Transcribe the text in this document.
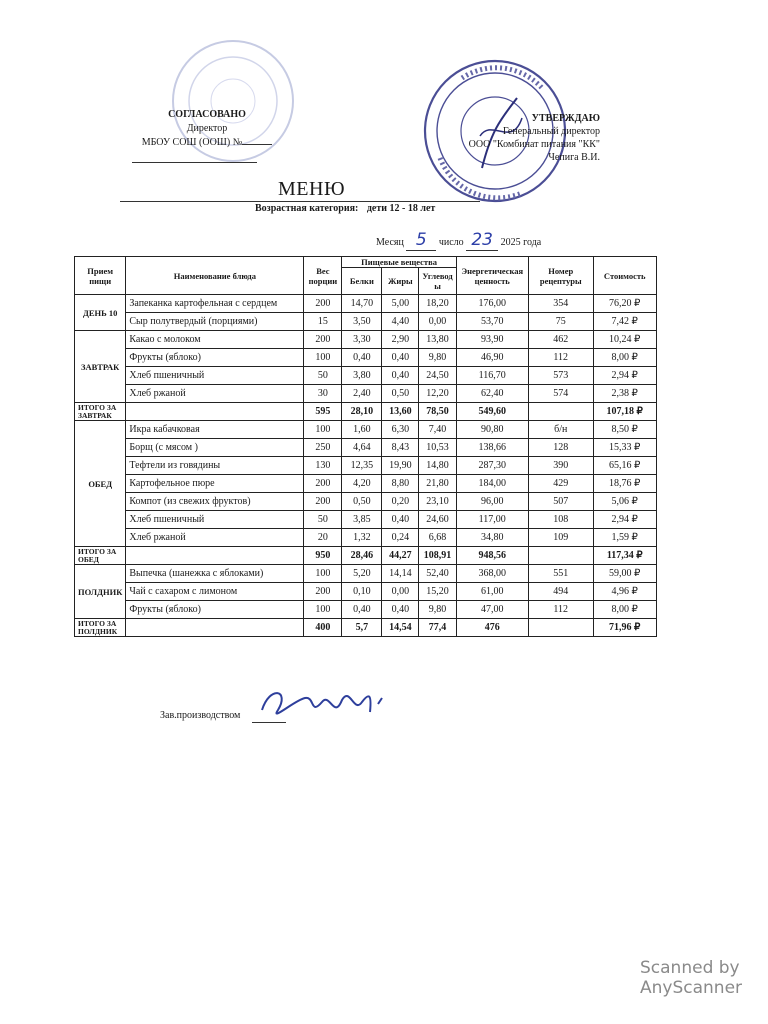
СОГЛАСОВАНО
Директор
МБОУ СОШ (ООШ) №
УТВЕРЖДАЮ
Генеральный директор
ООО "Комбинат питания "КК"
Чепига В.И.
МЕНЮ
Возрастная категория: дети 12 - 18 лет
Месяц 5 число 23 2025 года
Прием пищи	Наименование блюда	Вес порции	Пищевые вещества			Энергетическая ценность	Номер рецептуры	Стоимость
			Белки	Жиры	Углевод ы			
ДЕНЬ 10	Запеканка картофельная с сердцем	200	14,70	5,00	18,20	176,00	354	76,20 ₽
	Сыр полутвердый (порциями)	15	3,50	4,40	0,00	53,70	75	7,42 ₽
ЗАВТРАК	Какао с молоком	200	3,30	2,90	13,80	93,90	462	10,24 ₽
	Фрукты (яблоко)	100	0,40	0,40	9,80	46,90	112	8,00 ₽
	Хлеб пшеничный	50	3,80	0,40	24,50	116,70	573	2,94 ₽
	Хлеб ржаной	30	2,40	0,50	12,20	62,40	574	2,38 ₽
ИТОГО ЗА ЗАВТРАК		595	28,10	13,60	78,50	549,60		107,18 ₽
ОБЕД	Икра кабачковая	100	1,60	6,30	7,40	90,80	б/н	8,50 ₽
	Борщ (с мясом )	250	4,64	8,43	10,53	138,66	128	15,33 ₽
	Тефтели из говядины	130	12,35	19,90	14,80	287,30	390	65,16 ₽
	Картофельное пюре	200	4,20	8,80	21,80	184,00	429	18,76 ₽
	Компот (из свежих фруктов)	200	0,50	0,20	23,10	96,00	507	5,06 ₽
	Хлеб пшеничный	50	3,85	0,40	24,60	117,00	108	2,94 ₽
	Хлеб ржаной	20	1,32	0,24	6,68	34,80	109	1,59 ₽
ИТОГО ЗА ОБЕД		950	28,46	44,27	108,91	948,56		117,34 ₽
ПОЛДНИК	Выпечка (шанежка с яблоками)	100	5,20	14,14	52,40	368,00	551	59,00 ₽
	Чай с сахаром с лимоном	200	0,10	0,00	15,20	61,00	494	4,96 ₽
	Фрукты (яблоко)	100	0,40	0,40	9,80	47,00	112	8,00 ₽
ИТОГО ЗА ПОЛДНИК		400	5,7	14,54	77,4	476		71,96 ₽
Зав.производством
Scanned by
AnyScanner
